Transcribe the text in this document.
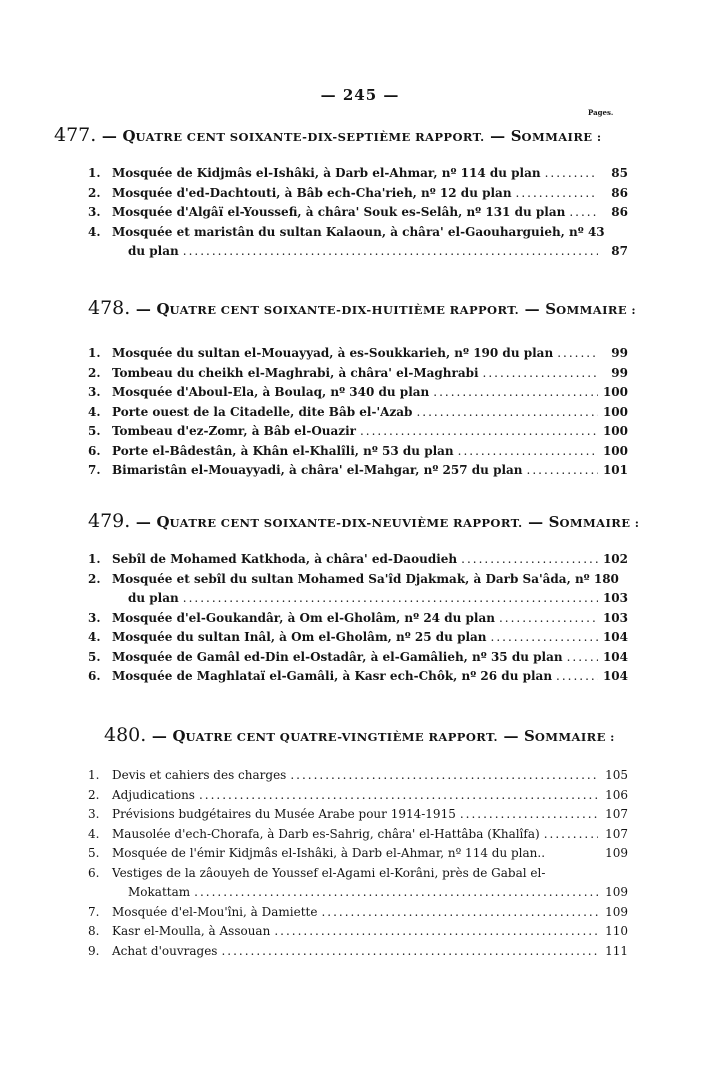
— 245 —
Pages.
477. — QUATRE CENT SOIXANTE-DIX-SEPTIÈME RAPPORT. — SOMMAIRE :
1. Mosquée de Kidjmâs el-Ishâki, à Darb el-Ahmar, nº 114 du plan .....	85
2. Mosquée d'ed-Dachtouti, à Bâb ech-Cha'rieh, nº 12 du plan .....	86
3. Mosquée d'Algâï el-Youssefi, à châra' Souk es-Selâh, nº 131 du plan .....	86
4. Mosquée et maristân du sultan Kalaoun, à châra' el-Gaouharguieh, nº 43
du plan .....	87
478. — QUATRE CENT SOIXANTE-DIX-HUITIÈME RAPPORT. — SOMMAIRE :
1. Mosquée du sultan el-Mouayyad, à es-Soukkarieh, nº 190 du plan .....	99
2. Tombeau du cheikh el-Maghrabi, à châra' el-Maghrabi .....	99
3. Mosquée d'Aboul-Ela, à Boulaq, nº 340 du plan .....	100
4. Porte ouest de la Citadelle, dite Bâb el-'Azab .....	100
5. Tombeau d'ez-Zomr, à Bâb el-Ouazir .....	100
6. Porte el-Bâdestân, à Khân el-Khalîli, nº 53 du plan .....	100
7. Bimaristân el-Mouayyadi, à châra' el-Mahgar, nº 257 du plan .....	101
479. — QUATRE CENT SOIXANTE-DIX-NEUVIÈME RAPPORT. — SOMMAIRE :
1. Sebîl de Mohamed Katkhoda, à châra' ed-Daoudieh .....	102
2. Mosquée et sebîl du sultan Mohamed Sa'îd Djakmak, à Darb Sa'âda, nº 180
du plan .....	103
3. Mosquée d'el-Goukandâr, à Om el-Gholâm, nº 24 du plan .....	103
4. Mosquée du sultan Inâl, à Om el-Gholâm, nº 25 du plan .....	104
5. Mosquée de Gamâl ed-Din el-Ostadâr, à el-Gamâlieh, nº 35 du plan .....	104
6. Mosquée de Maghlataï el-Gamâli, à Kasr ech-Chôk, nº 26 du plan .....	104
480. — QUATRE CENT QUATRE-VINGTIÈME RAPPORT. — SOMMAIRE :
1.	Devis et cahiers des charges .....	105
2.	Adjudications .....	106
3.	Prévisions budgétaires du Musée Arabe pour 1914-1915 .....	107
4.	Mausolée d'ech-Chorafa, à Darb es-Sahrig, châra' el-Hattâba (Khalîfa) .....	107
5.	Mosquée de l'émir Kidjmâs el-Ishâki, à Darb el-Ahmar, nº 114 du plan..	109
6.	Vestiges de la zâouyeh de Youssef el-Agami el-Korâni, près de Gabal el-
Mokattam .....	109
7.	Mosquée d'el-Mou'îni, à Damiette .....	109
8.	Kasr el-Moulla, à Assouan .....	110
9.	Achat d'ouvrages .....	111
